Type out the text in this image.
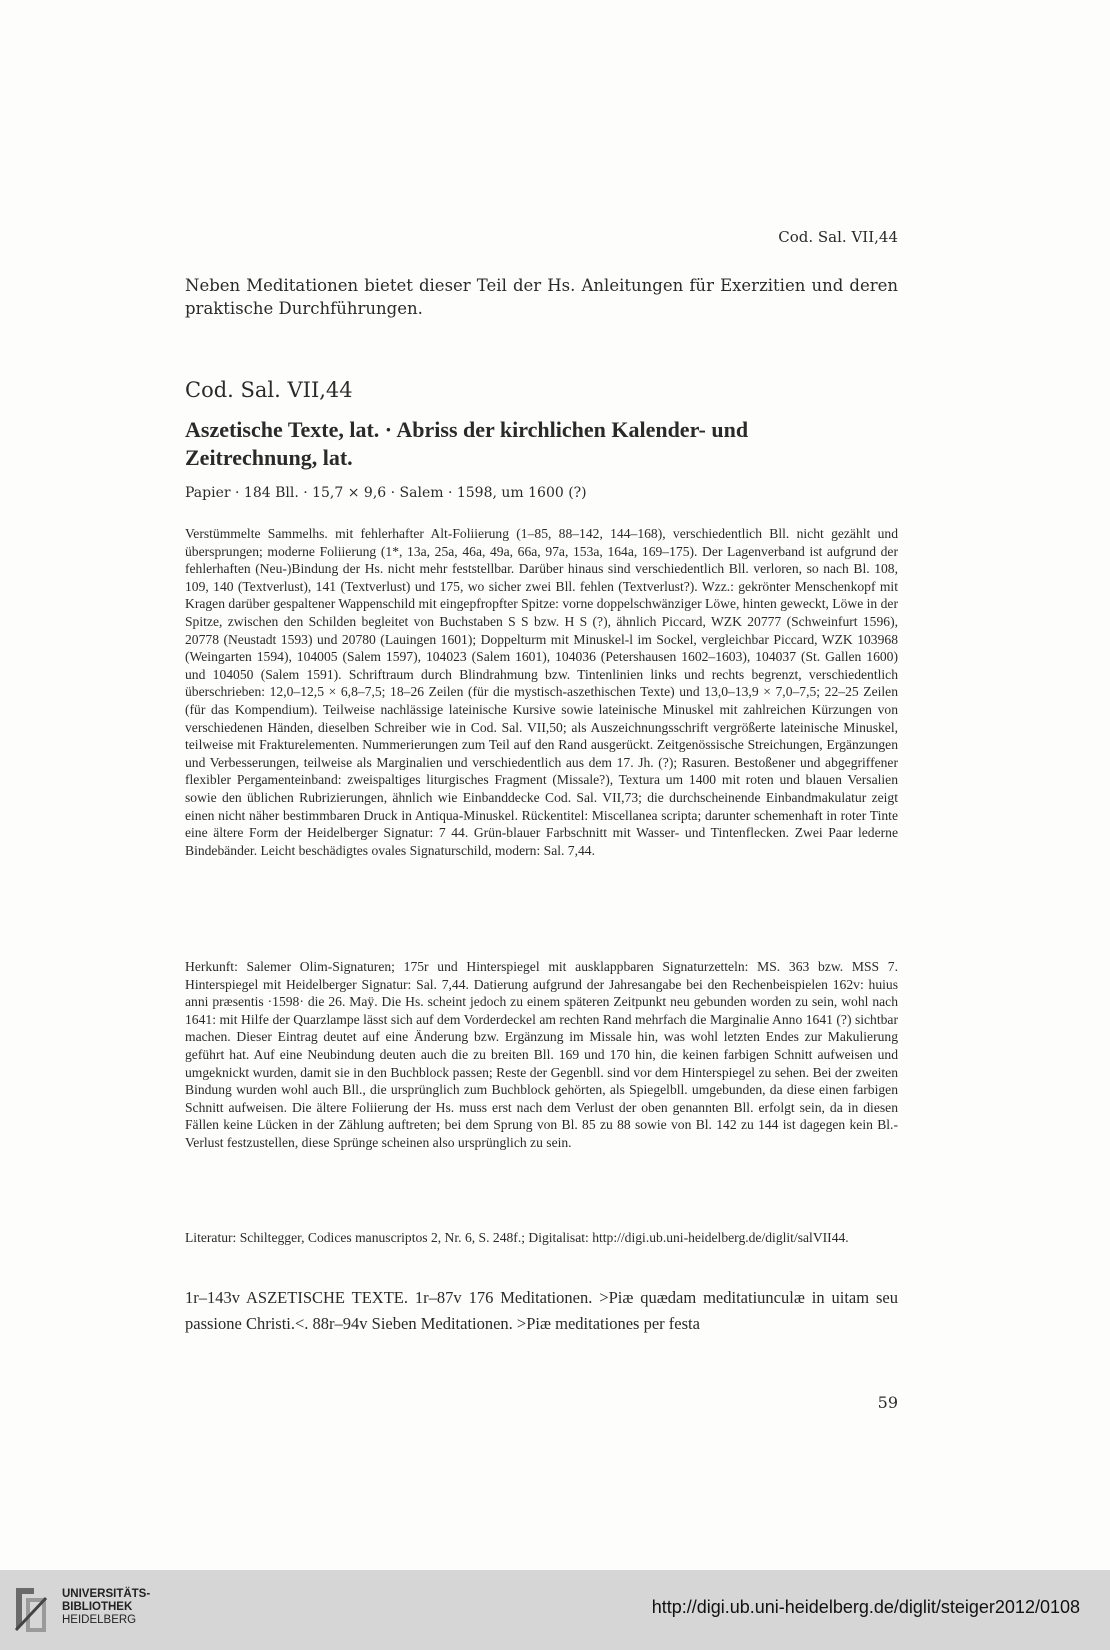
Cod. Sal. VII,44
Neben Meditationen bietet dieser Teil der Hs. Anleitungen für Exerzitien und deren praktische Durchführungen.
Cod. Sal. VII,44
Aszetische Texte, lat. · Abriss der kirchlichen Kalender- und Zeitrechnung, lat.
Papier · 184 Bll. · 15,7 × 9,6 · Salem · 1598, um 1600 (?)
Verstümmelte Sammelhs. mit fehlerhafter Alt-Foliierung (1–85, 88–142, 144–168), verschiedentlich Bll. nicht gezählt und übersprungen; moderne Foliierung (1*, 13a, 25a, 46a, 49a, 66a, 97a, 153a, 164a, 169–175). Der Lagenverband ist aufgrund der fehlerhaften (Neu-)Bindung der Hs. nicht mehr feststellbar. Darüber hinaus sind verschiedentlich Bll. verloren, so nach Bl. 108, 109, 140 (Textverlust), 141 (Textverlust) und 175, wo sicher zwei Bll. fehlen (Textverlust?). Wzz.: gekrönter Menschenkopf mit Kragen darüber gespaltener Wappenschild mit eingepfropfter Spitze: vorne doppelschwänziger Löwe, hinten geweckt, Löwe in der Spitze, zwischen den Schilden begleitet von Buchstaben S S bzw. H S (?), ähnlich Piccard, WZK 20777 (Schweinfurt 1596), 20778 (Neustadt 1593) und 20780 (Lauingen 1601); Doppelturm mit Minuskel-l im Sockel, vergleichbar Piccard, WZK 103968 (Weingarten 1594), 104005 (Salem 1597), 104023 (Salem 1601), 104036 (Petershausen 1602–1603), 104037 (St. Gallen 1600) und 104050 (Salem 1591). Schriftraum durch Blindrahmung bzw. Tintenlinien links und rechts begrenzt, verschiedentlich überschrieben: 12,0–12,5 × 6,8–7,5; 18–26 Zeilen (für die mystisch-aszethischen Texte) und 13,0–13,9 × 7,0–7,5; 22–25 Zeilen (für das Kompendium). Teilweise nachlässige lateinische Kursive sowie lateinische Minuskel mit zahlreichen Kürzungen von verschiedenen Händen, dieselben Schreiber wie in Cod. Sal. VII,50; als Auszeichnungsschrift vergrößerte lateinische Minuskel, teilweise mit Frakturelementen. Nummerierungen zum Teil auf den Rand ausgerückt. Zeitgenössische Streichungen, Ergänzungen und Verbesserungen, teilweise als Marginalien und verschiedentlich aus dem 17. Jh. (?); Rasuren. Bestoßener und abgegriffener flexibler Pergamenteinband: zweispaltiges liturgisches Fragment (Missale?), Textura um 1400 mit roten und blauen Versalien sowie den üblichen Rubrizierungen, ähnlich wie Einbanddecke Cod. Sal. VII,73; die durchscheinende Einbandmakulatur zeigt einen nicht näher bestimmbaren Druck in Antiqua-Minuskel. Rückentitel: Miscellanea scripta; darunter schemenhaft in roter Tinte eine ältere Form der Heidelberger Signatur: 7 44. Grün-blauer Farbschnitt mit Wasser- und Tintenflecken. Zwei Paar lederne Bindebänder. Leicht beschädigtes ovales Signaturschild, modern: Sal. 7,44.
Herkunft: Salemer Olim-Signaturen; 175r und Hinterspiegel mit ausklappbaren Signaturzetteln: MS. 363 bzw. MSS 7. Hinterspiegel mit Heidelberger Signatur: Sal. 7,44. Datierung aufgrund der Jahresangabe bei den Rechenbeispielen 162v: huius anni præsentis ·1598· die 26. Maÿ. Die Hs. scheint jedoch zu einem späteren Zeitpunkt neu gebunden worden zu sein, wohl nach 1641: mit Hilfe der Quarzlampe lässt sich auf dem Vorderdeckel am rechten Rand mehrfach die Marginalie Anno 1641 (?) sichtbar machen. Dieser Eintrag deutet auf eine Änderung bzw. Ergänzung im Missale hin, was wohl letzten Endes zur Makulierung geführt hat. Auf eine Neubindung deuten auch die zu breiten Bll. 169 und 170 hin, die keinen farbigen Schnitt aufweisen und umgeknickt wurden, damit sie in den Buchblock passen; Reste der Gegenbll. sind vor dem Hinterspiegel zu sehen. Bei der zweiten Bindung wurden wohl auch Bll., die ursprünglich zum Buchblock gehörten, als Spiegelbll. umgebunden, da diese einen farbigen Schnitt aufweisen. Die ältere Foliierung der Hs. muss erst nach dem Verlust der oben genannten Bll. erfolgt sein, da in diesen Fällen keine Lücken in der Zählung auftreten; bei dem Sprung von Bl. 85 zu 88 sowie von Bl. 142 zu 144 ist dagegen kein Bl.-Verlust festzustellen, diese Sprünge scheinen also ursprünglich zu sein.
Literatur: Schiltegger, Codices manuscriptos 2, Nr. 6, S. 248f.; Digitalisat: http://digi.ub.uni-heidelberg.de/diglit/salVII44.
1r–143v ASZETISCHE TEXTE. 1r–87v 176 Meditationen. >Piæ quædam meditatiunculæ in uitam seu passione Christi.<. 88r–94v Sieben Meditationen. >Piæ meditationes per festa
59
UNIVERSITÄTS-
BIBLIOTHEK
HEIDELBERG
http://digi.ub.uni-heidelberg.de/diglit/steiger2012/0108
